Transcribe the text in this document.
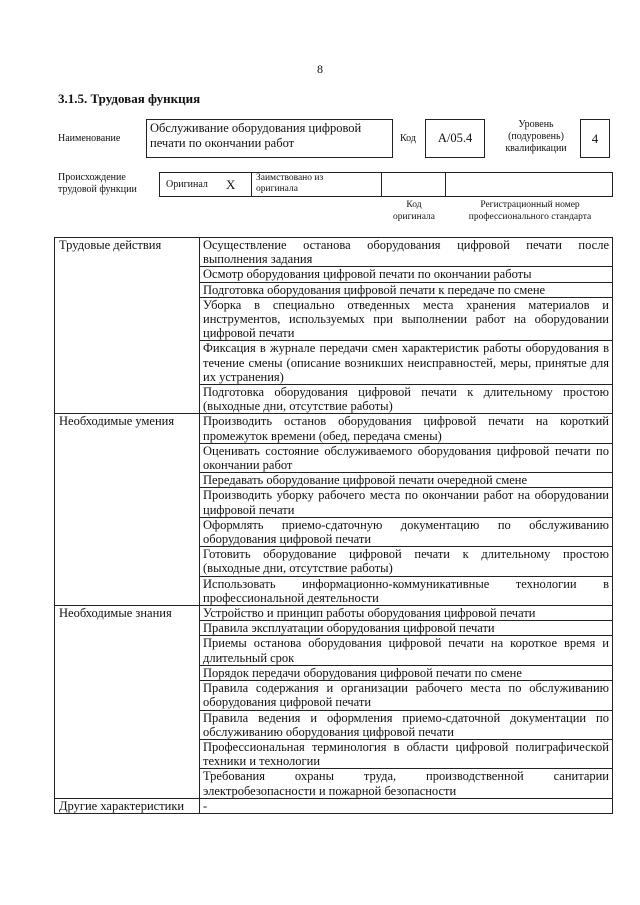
8
3.1.5. Трудовая функция
Наименование
Обслуживание оборудования цифровой печати по окончании работ	Код А/05.4
Уровень
(подуровень)
квалификации
4
Происхождение
трудовой функции	Оригинал X Заимствовано из
оригинала
Код
оригинала
Регистрационный номер
профессионального стандарта
Трудовые действия	Осуществление останова оборудования цифровой печати после выполнения задания
	Осмотр оборудования цифровой печати по окончании работы
	Подготовка оборудования цифровой печати к передаче по смене
	Уборка в специально отведенных места хранения материалов и инструментов, используемых при выполнении работ на оборудовании цифровой печати
	Фиксация в журнале передачи смен характеристик работы оборудования в течение смены (описание возникших неисправностей, меры, принятые для их устранения)
	Подготовка оборудования цифровой печати к длительному простою (выходные дни, отсутствие работы)
Необходимые умения	Производить останов оборудования цифровой печати на короткий промежуток времени (обед, передача смены)
	Оценивать состояние обслуживаемого оборудования цифровой печати по окончании работ
	Передавать оборудование цифровой печати очередной смене
	Производить уборку рабочего места по окончании работ на оборудовании цифровой печати
	Оформлять приемо-сдаточную документацию по обслуживанию оборудования цифровой печати
	Готовить оборудование цифровой печати к длительному простою (выходные дни, отсутствие работы)
	Использовать информационно-коммуникативные технологии в профессиональной деятельности
Необходимые знания	Устройство и принцип работы оборудования цифровой печати
	Правила эксплуатации оборудования цифровой печати
	Приемы останова оборудования цифровой печати на короткое время и длительный срок
	Порядок передачи оборудования цифровой печати по смене
	Правила содержания и организации рабочего места по обслуживанию оборудования цифровой печати
	Правила ведения и оформления приемо-сдаточной документации по обслуживанию оборудования цифровой печати
	Профессиональная терминология в области цифровой полиграфической техники и технологии
	Требования охраны труда, производственной санитарии электробезопасности и пожарной безопасности
Другие характеристики	-
